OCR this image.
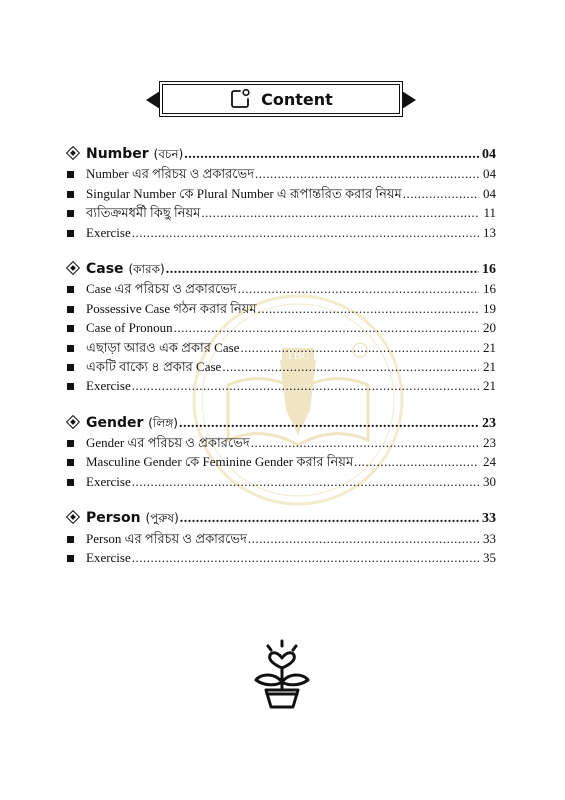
Content
TBC
Number (বচন) .....	04
Number এর পরিচয় ও প্রকারভেদ .....	04
Singular Number কে Plural Number এ রূপান্তরিত করার নিয়ম .....	04
ব্যতিক্রমধর্মী কিছু নিয়ম .....	11
Exercise .....	13
Case (কারক) .....	16
Case এর পরিচয় ও প্রকারভেদ .....	16
Possessive Case গঠন করার নিয়ম .....	19
Case of Pronoun .....	20
এছাড়া আরও এক প্রকার Case .....	21
একটি বাক্যে ৪ প্রকার Case .....	21
Exercise .....	21
Gender (লিঙ্গ) .....	23
Gender এর পরিচয় ও প্রকারভেদ .....	23
Masculine Gender কে Feminine Gender করার নিয়ম .....	24
Exercise .....	30
Person (পুরুষ) .....	33
Person এর পরিচয় ও প্রকারভেদ .....	33
Exercise .....	35
